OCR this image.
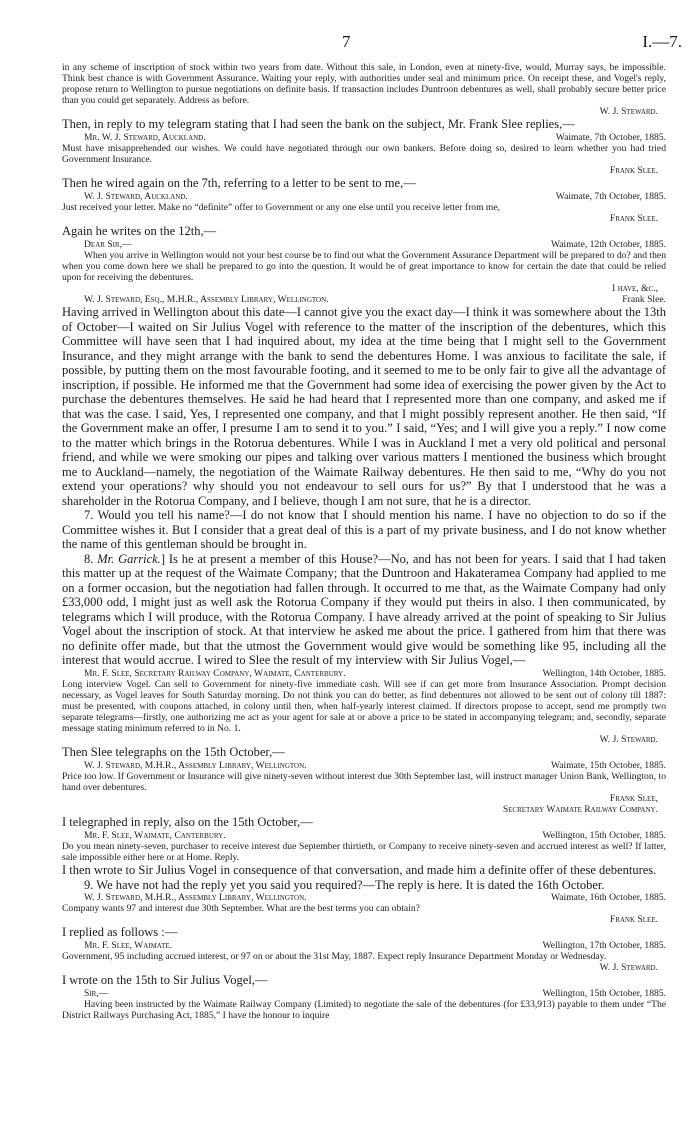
7	I.—7.

in any scheme of inscription of stock within two years from date. Without this sale, in London, even at ninety-five, would, Murray says, be impossible. Think best chance is with Government Assurance. Waiting your reply, with authorities under seal and minimum price. On receipt these, and Vogel's reply, propose return to Wellington to pursue negotiations on definite basis. If transaction includes Duntroon debentures as well, shall probably secure better price than you could get separately. Address as before.

W. J. Steward.

Then, in reply to my telegram stating that I had seen the bank on the subject, Mr. Frank Slee replies,—

Mr. W. J. Steward, Auckland.	Waimate, 7th October, 1885.

Must have misapprehended our wishes. We could have negotiated through our own bankers. Before doing so, desired to learn whether you had tried Government Insurance.

Frank Slee.

Then he wired again on the 7th, referring to a letter to be sent to me,—

W. J. Steward, Auckland.	Waimate, 7th October, 1885.

Just received your letter. Make no “definite” offer to Government or any one else until you receive letter from me,

Frank Slee.

Again he writes on the 12th,—

Dear Sir,—	Waimate, 12th October, 1885.

When you arrive in Wellington would not your best course be to find out what the Government Assurance Department will be prepared to do? and then when you come down here we shall be prepared to go into the question. It would be of great importance to know for certain the date that could be relied upon for receiving the debentures.

I have, &c.,
W. J. Steward, Esq., M.H.R., Assembly Library, Wellington.	Frank Slee.

Having arrived in Wellington about this date—I cannot give you the exact day—I think it was somewhere about the 13th of October—I waited on Sir Julius Vogel with reference to the matter of the inscription of the debentures, which this Committee will have seen that I had inquired about, my idea at the time being that I might sell to the Government Insurance, and they might arrange with the bank to send the debentures Home. I was anxious to facilitate the sale, if possible, by putting them on the most favourable footing, and it seemed to me to be only fair to give all the advantage of inscription, if possible. He informed me that the Government had some idea of exercising the power given by the Act to purchase the debentures themselves. He said he had heard that I represented more than one company, and asked me if that was the case. I said, Yes, I represented one company, and that I might possibly represent another. He then said, “If the Government make an offer, I presume I am to send it to you.” I said, “Yes; and I will give you a reply.” I now come to the matter which brings in the Rotorua debentures. While I was in Auckland I met a very old political and personal friend, and while we were smoking our pipes and talking over various matters I mentioned the business which brought me to Auckland—namely, the negotiation of the Waimate Railway debentures. He then said to me, “Why do you not extend your operations? why should you not endeavour to sell ours for us?” By that I understood that he was a shareholder in the Rotorua Company, and I believe, though I am not sure, that he is a director.

7. Would you tell his name?—I do not know that I should mention his name. I have no objection to do so if the Committee wishes it. But I consider that a great deal of this is a part of my private business, and I do not know whether the name of this gentleman should be brought in.

8. Mr. Garrick.] Is he at present a member of this House?—No, and has not been for years. I said that I had taken this matter up at the request of the Waimate Company; that the Duntroon and Hakateramea Company had applied to me on a former occasion, but the negotiation had fallen through. It occurred to me that, as the Waimate Company had only £33,000 odd, I might just as well ask the Rotorua Company if they would put theirs in also. I then communicated, by telegrams which I will produce, with the Rotorua Company. I have already arrived at the point of speaking to Sir Julius Vogel about the inscription of stock. At that interview he asked me about the price. I gathered from him that there was no definite offer made, but that the utmost the Government would give would be something like 95, including all the interest that would accrue. I wired to Slee the result of my interview with Sir Julius Vogel,—

Mr. F. Slee, Secretary Railway Company, Waimate, Canterbury.	Wellington, 14th October, 1885.

Long interview Vogel. Can sell to Government for ninety-five immediate cash. Will see if can get more from Insurance Association. Prompt decision necessary, as Vogel leaves for South Saturday morning. Do not think you can do better, as find debentures not allowed to be sent out of colony till 1887: must be presented, with coupons attached, in colony until then, when half-yearly interest claimed. If directors propose to accept, send me promptly two separate telegrams—firstly, one authorizing me act as your agent for sale at or above a price to be stated in accompanying telegram; and, secondly, separate message stating minimum referred to in No. 1.

W. J. Steward.

Then Slee telegraphs on the 15th October,—

W. J. Steward, M.H.R., Assembly Library, Wellington.	Waimate, 15th October, 1885.

Price too low. If Government or Insurance will give ninety-seven without interest due 30th September last, will instruct manager Union Bank, Wellington, to hand over debentures.

Frank Slee,
Secretary Waimate Railway Company.

I telegraphed in reply, also on the 15th October,—

Mr. F. Slee, Waimate, Canterbury.	Wellington, 15th October, 1885.

Do you mean ninety-seven, purchaser to receive interest due September thirtieth, or Company to receive ninety-seven and accrued interest as well? If latter, sale impossible either here or at Home. Reply.

I then wrote to Sir Julius Vogel in consequence of that conversation, and made him a definite offer of these debentures.

9. We have not had the reply yet you said you required?—The reply is here. It is dated the 16th October.

W. J. Steward, M.H.R., Assembly Library, Wellington.	Waimate, 16th October, 1885.

Company wants 97 and interest due 30th September. What are the best terms you can obtain?

Frank Slee.

I replied as follows :—

Mr. F. Slee, Waimate.	Wellington, 17th October, 1885.

Government, 95 including accrued interest, or 97 on or about the 31st May, 1887. Expect reply Insurance Department Monday or Wednesday.

W. J. Steward.

I wrote on the 15th to Sir Julius Vogel,—

Sir,—	Wellington, 15th October, 1885.

Having been instructed by the Waimate Railway Company (Limited) to negotiate the sale of the debentures (for £33,913) payable to them under “The District Railways Purchasing Act, 1885,” I have the honour to inquire
